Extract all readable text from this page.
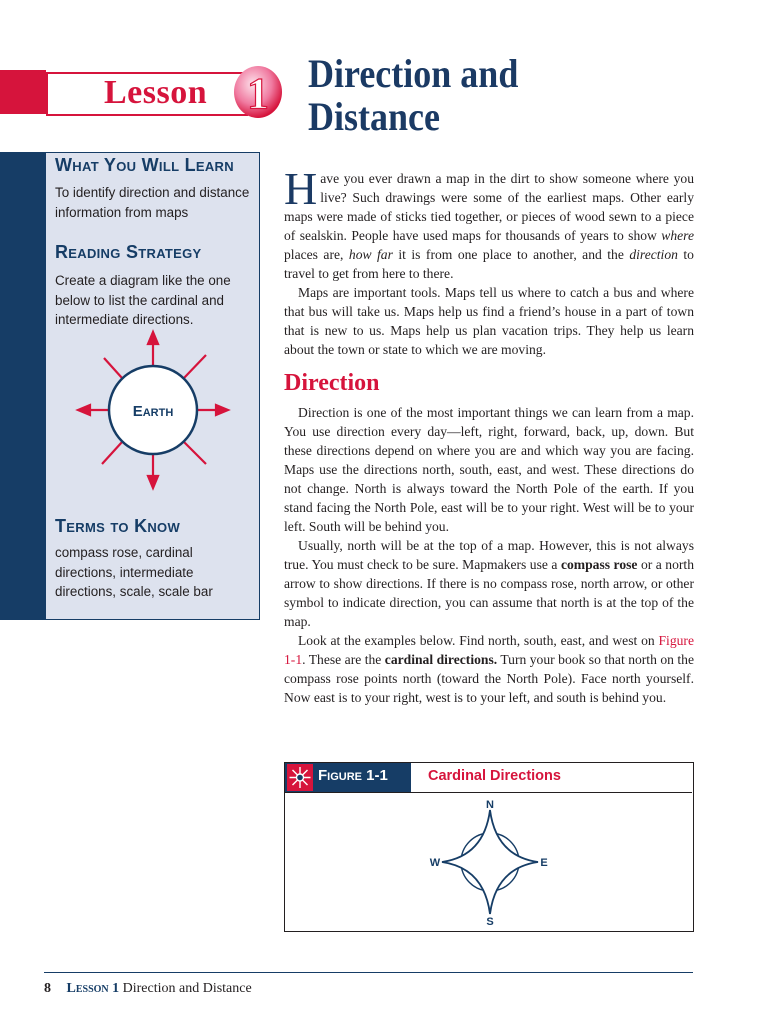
Lesson 1 Direction and
Distance
What You Will Learn
To identify direction and distance information from maps
Reading Strategy
Create a diagram like the one below to list the cardinal and intermediate directions.
Earth
Terms to Know
compass rose, cardinal directions, intermediate directions, scale, scale bar

Have you ever drawn a map in the dirt to show someone where you live? Such drawings were some of the earliest maps. Other early maps were made of sticks tied together, or pieces of wood sewn to a piece of sealskin. People have used maps for thousands of years to show where places are, how far it is from one place to another, and the direction to travel to get from here to there.

Maps are important tools. Maps tell us where to catch a bus and where that bus will take us. Maps help us find a friend’s house in a part of town that is new to us. Maps help us plan vacation trips. They help us learn about the town or state to which we are moving.

Direction

Direction is one of the most important things we can learn from a map. You use direction every day—left, right, forward, back, up, down. But these directions depend on where you are and which way you are facing. Maps use the directions north, south, east, and west. These directions do not change. North is always toward the North Pole of the earth. If you stand facing the North Pole, east will be to your right. West will be to your left. South will be behind you.

Usually, north will be at the top of a map. However, this is not always true. You must check to be sure. Mapmakers use a compass rose or a north arrow to show directions. If there is no compass rose, north arrow, or other symbol to indicate direction, you can assume that north is at the top of the map.

Look at the examples below. Find north, south, east, and west on Figure 1-1. These are the cardinal directions. Turn your book so that north on the compass rose points north (toward the North Pole). Face north yourself. Now east is to your right, west is to your left, and south is behind you.

Figure 1-1	Cardinal Directions
N
S
W	E
8 Lesson 1 Direction and Distance
